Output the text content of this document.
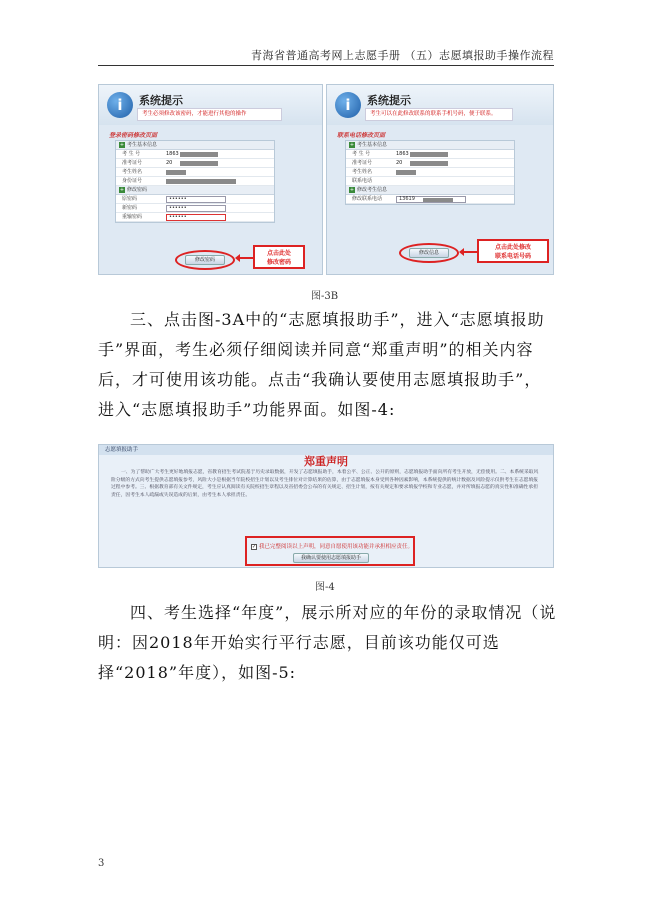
青海省普通高考网上志愿手册 （五）志愿填报助手操作流程
i	系统提示
考生必须修改该密码，才能进行其他的操作
登录密码修改页面
+ 考生基本信息
考 生 号	1863
准考证号	20
考生姓名
身份证号
+ 修改密码
原密码	••••••
新密码	••••••
重输密码	••••••
修改密码
点击此处
修改密码
i	系统提示
考生可以在此修改联系的联系手机号码，便于联系。
联系电话修改页面
+ 考生基本信息
考 生 号	1863
准考证号	20
考生姓名
联系电话
+ 修改考生信息
修改联系电话	13619
修改信息
点击此处修改
联系电话号码
图-3B
三、点击图-3A中的“志愿填报助手”，进入“志愿填报助手”界面，考生必须仔细阅读并同意“郑重声明”的相关内容后，才可使用该功能。点击“我确认要使用志愿填报助手”，进入“志愿填报助手”功能界面。如图-4:
志愿填报助手
郑重声明
一、为了帮助广大考生更好地填报志愿，省教育招生考试院基于历史录取数据，开发了志愿填报助手，本着公平、公正、公开的原则，志愿填报助手面向所有考生开放，无偿使用。二、本系统采取风险分级的方式向考生提供志愿填报参考，风险大小是根据当年院校招生计划以及考生排位对计算结果的估算，由于志愿填报本身受到各种因素影响，本系统提供的统计数据及风险提示仅供考生在志愿填报过程中参考。三、根据教育部有关文件规定，考生应认真阅读有关院校招生章程以及省招委会公布的有关规定、招生计划，按有关规定和要求填报学校和专业志愿，并对所填报志愿的真实性和准确性承担责任，因考生本人疏漏或失误造成的后果，由考生本人承担责任。
✓ 我已完整阅读以上声明，同意自愿使用该功能并承担相应责任。
我确认要使用志愿填报助手
图-4
四、考生选择“年度”，展示所对应的年份的录取情况（说明：因2018年开始实行平行志愿，目前该功能仅可选择“2018”年度），如图-5:
3
